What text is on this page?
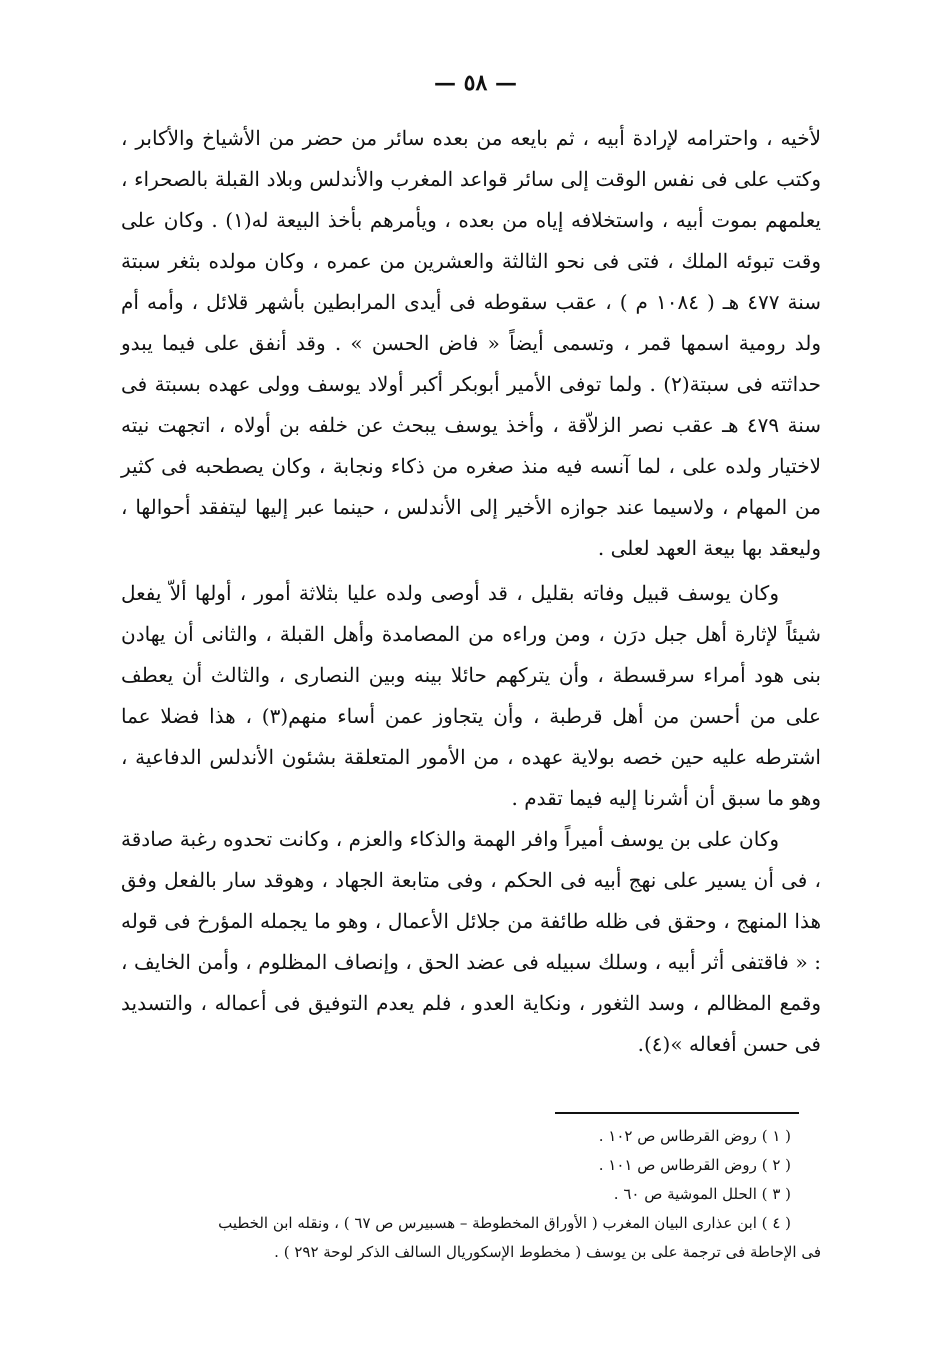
— ٥٨ —

لأخيه ، واحترامه لإرادة أبيه ، ثم بايعه من بعده سائر من حضر من الأشياخ والأكابر ، وكتب على فى نفس الوقت إلى سائر قواعد المغرب والأندلس وبلاد القبلة بالصحراء ، يعلمهم بموت أبيه ، واستخلافه إياه من بعده ، ويأمرهم بأخذ البيعة له(١) . وكان على وقت تبوئه الملك ، فتى فى نحو الثالثة والعشرين من عمره ، وكان مولده بثغر سبتة سنة ٤٧٧ هـ ( ١٠٨٤ م ) ، عقب سقوطه فى أيدى المرابطين بأشهر قلائل ، وأمه أم ولد رومية اسمها قمر ، وتسمى أيضاً « فاض الحسن » . وقد أنفق على فيما يبدو حداثته فى سبتة(٢) . ولما توفى الأمير أبوبكر أكبر أولاد يوسف وولى عهده بسبتة فى سنة ٤٧٩ هـ عقب نصر الزلاّقة ، وأخذ يوسف يبحث عن خلفه بن أولاه ، اتجهت نيته لاختيار ولده على ، لما آنسه فيه منذ صغره من ذكاء ونجابة ، وكان يصطحبه فى كثير من المهام ، ولاسيما عند جوازه الأخير إلى الأندلس ، حينما عبر إليها ليتفقد أحوالها ، وليعقد بها بيعة العهد لعلى .

وكان يوسف قبيل وفاته بقليل ، قد أوصى ولده عليا بثلاثة أمور ، أولها ألاّ يفعل شيئاً لإثارة أهل جبل درَن ، ومن وراءه من المصامدة وأهل القبلة ، والثانى أن يهادن بنى هود أمراء سرقسطة ، وأن يتركهم حائلا بينه وبين النصارى ، والثالث أن يعطف على من أحسن من أهل قرطبة ، وأن يتجاوز عمن أساء منهم(٣) ، هذا فضلا عما اشترطه عليه حين خصه بولاية عهده ، من الأمور المتعلقة بشئون الأندلس الدفاعية ، وهو ما سبق أن أشرنا إليه فيما تقدم .

وكان على بن يوسف أميراً وافر الهمة والذكاء والعزم ، وكانت تحدوه رغبة صادقة ، فى أن يسير على نهج أبيه فى الحكم ، وفى متابعة الجهاد ، وهوقد سار بالفعل وفق هذا المنهج ، وحقق فى ظله طائفة من جلائل الأعمال ، وهو ما يجمله المؤرخ فى قوله : « فاقتفى أثر أبيه ، وسلك سبيله فى عضد الحق ، وإنصاف المظلوم ، وأمن الخايف ، وقمع المظالم ، وسد الثغور ، ونكاية العدو ، فلم يعدم التوفيق فى أعماله ، والتسديد فى حسن أفعاله »(٤).

( ١ ) روض القرطاس ص ١٠٢ .

( ٢ ) روض القرطاس ص ١٠١ .

( ٣ ) الحلل الموشية ص ٦٠ .

( ٤ ) ابن عذارى البيان المغرب ( الأوراق المخطوطة – هسبيرس ص ٦٧ ) ، ونقله ابن الخطيب

فى الإحاطة فى ترجمة على بن يوسف ( مخطوط الإسكوريال السالف الذكر لوحة ٢٩٢ ) .
